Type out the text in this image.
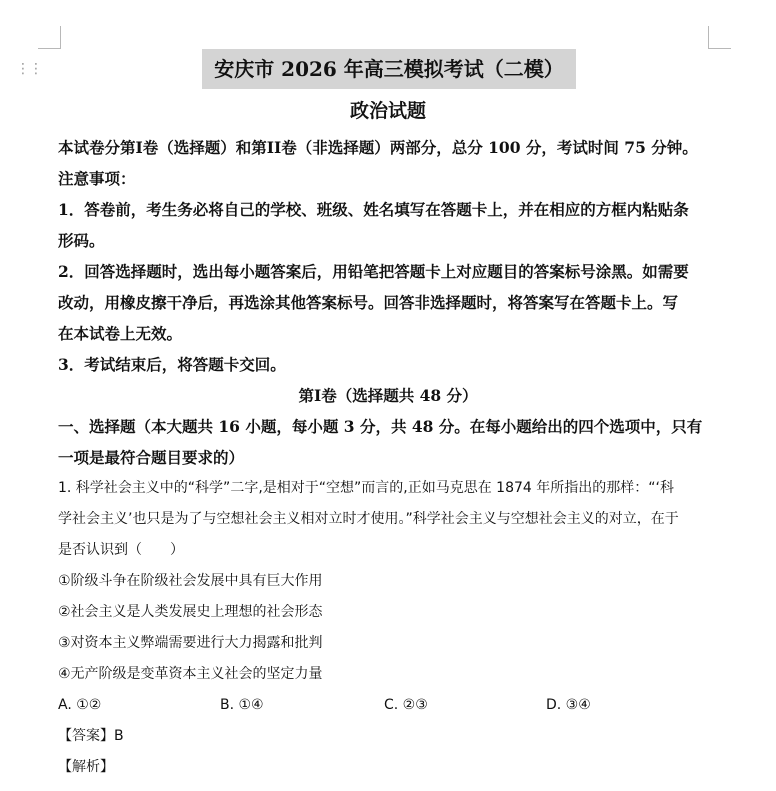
⋮⋮	安庆市 2026 年高三模拟考试（二模）
政治试题
本试卷分第I卷（选择题）和第II卷（非选择题）两部分，总分 100 分，考试时间 75 分钟。
注意事项：
1．答卷前，考生务必将自己的学校、班级、姓名填写在答题卡上，并在相应的方框内粘贴条
形码。
2．回答选择题时，选出每小题答案后，用铅笔把答题卡上对应题目的答案标号涂黑。如需要
改动，用橡皮擦干净后，再选涂其他答案标号。回答非选择题时，将答案写在答题卡上。写
在本试卷上无效。
3．考试结束后，将答题卡交回。
第I卷（选择题共 48 分）
一、选择题（本大题共 16 小题，每小题 3 分，共 48 分。在每小题给出的四个选项中，只有
一项是最符合题目要求的）
1. 科学社会主义中的“科学”二字,是相对于“空想”而言的,正如马克思在 1874 年所指出的那样：“‘科
学社会主义’也只是为了与空想社会主义相对立时才使用。”科学社会主义与空想社会主义的对立，在于
是否认识到（　　）
①阶级斗争在阶级社会发展中具有巨大作用
②社会主义是人类发展史上理想的社会形态
③对资本主义弊端需要进行大力揭露和批判
④无产阶级是变革资本主义社会的坚定力量
A. ①②	B. ①④	C. ②③	D. ③④
【答案】B
【解析】
